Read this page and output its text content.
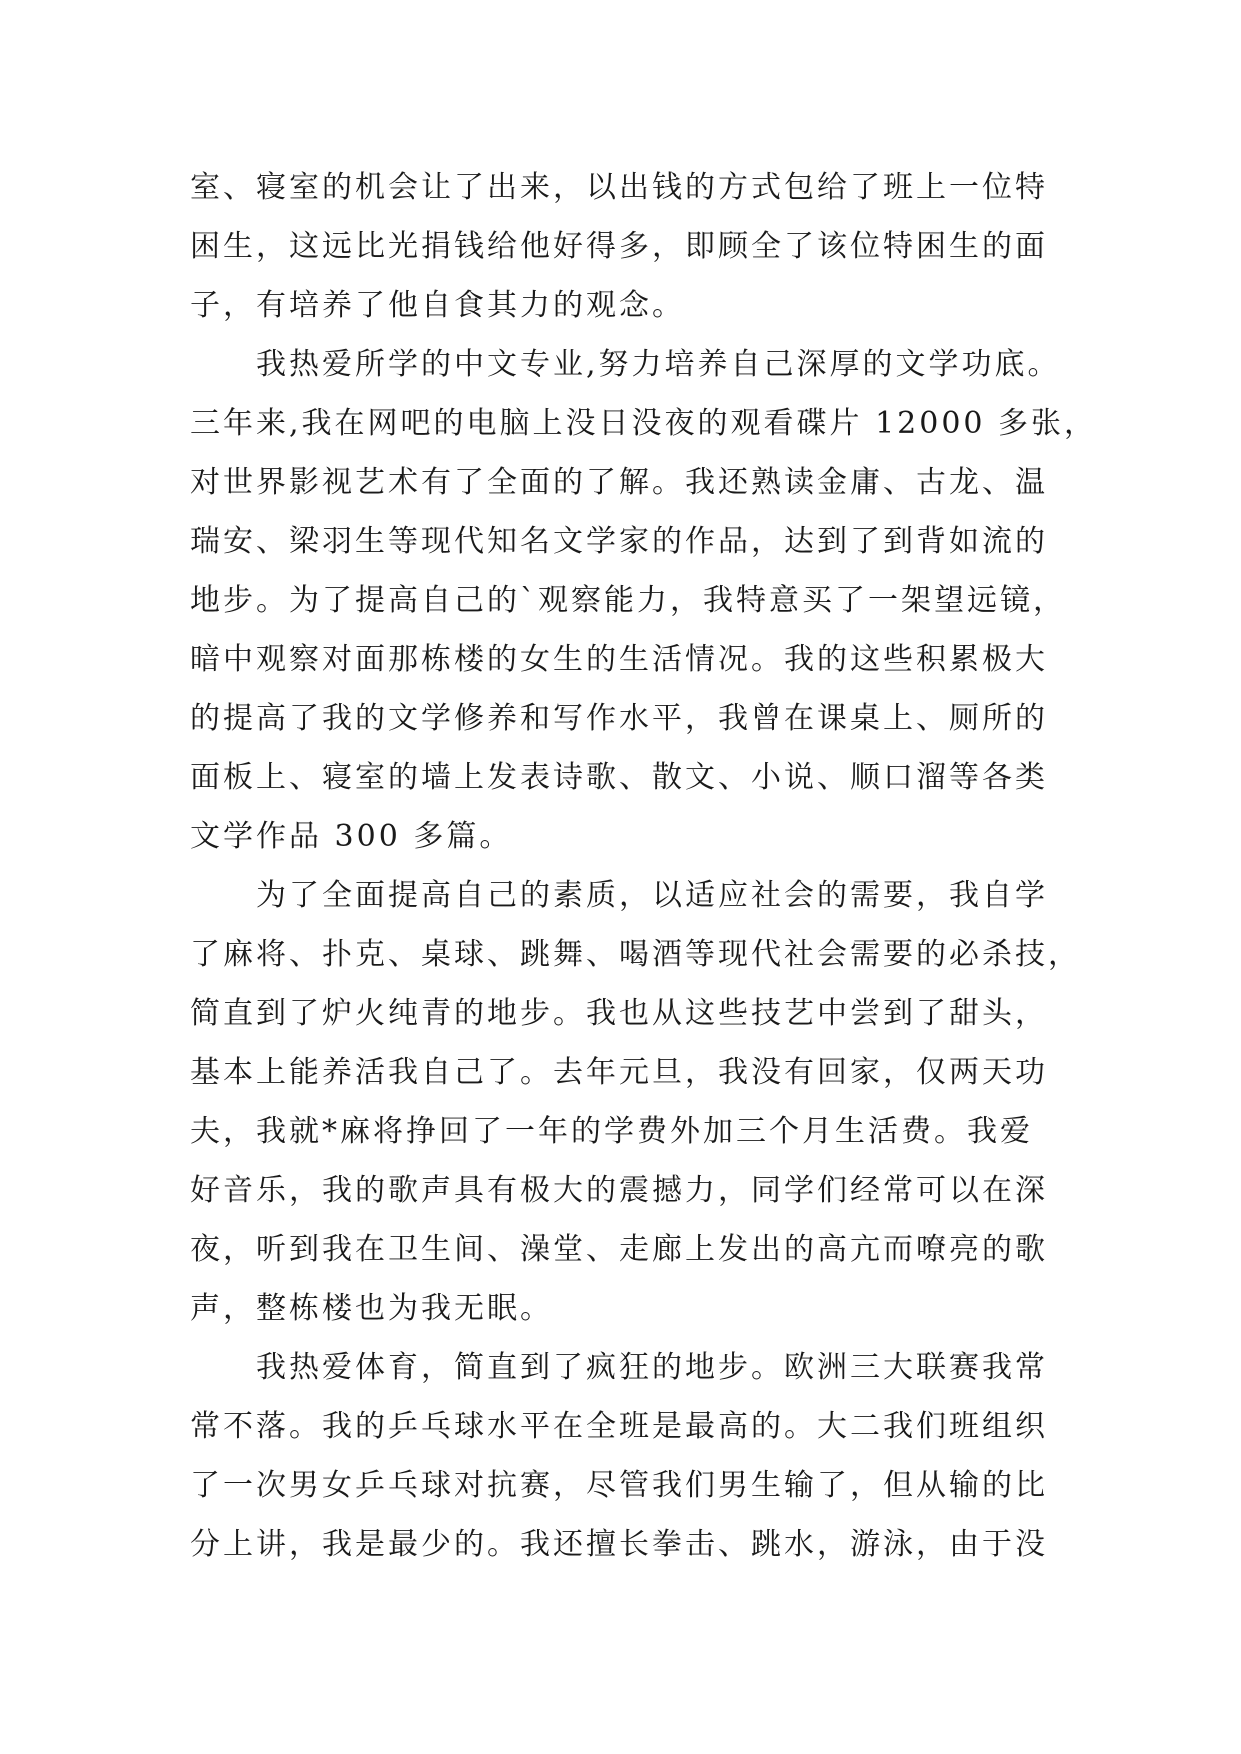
室、寝室的机会让了出来，以出钱的方式包给了班上一位特
困生，这远比光捐钱给他好得多，即顾全了该位特困生的面
子，有培养了他自食其力的观念。
我热爱所学的中文专业,努力培养自己深厚的文学功底。
三年来,我在网吧的电脑上没日没夜的观看碟片 12000 多张，
对世界影视艺术有了全面的了解。我还熟读金庸、古龙、温
瑞安、梁羽生等现代知名文学家的作品，达到了到背如流的
地步。为了提高自己的`观察能力，我特意买了一架望远镜，
暗中观察对面那栋楼的女生的生活情况。我的这些积累极大
的提高了我的文学修养和写作水平，我曾在课桌上、厕所的
面板上、寝室的墙上发表诗歌、散文、小说、顺口溜等各类
文学作品 300 多篇。
为了全面提高自己的素质，以适应社会的需要，我自学
了麻将、扑克、桌球、跳舞、喝酒等现代社会需要的必杀技，
简直到了炉火纯青的地步。我也从这些技艺中尝到了甜头，
基本上能养活我自己了。去年元旦，我没有回家，仅两天功
夫，我就*麻将挣回了一年的学费外加三个月生活费。我爱
好音乐，我的歌声具有极大的震撼力，同学们经常可以在深
夜，听到我在卫生间、澡堂、走廊上发出的高亢而嘹亮的歌
声，整栋楼也为我无眠。
我热爱体育，简直到了疯狂的地步。欧洲三大联赛我常
常不落。我的乒乓球水平在全班是最高的。大二我们班组织
了一次男女乒乓球对抗赛，尽管我们男生输了，但从输的比
分上讲，我是最少的。我还擅长拳击、跳水，游泳，由于没
